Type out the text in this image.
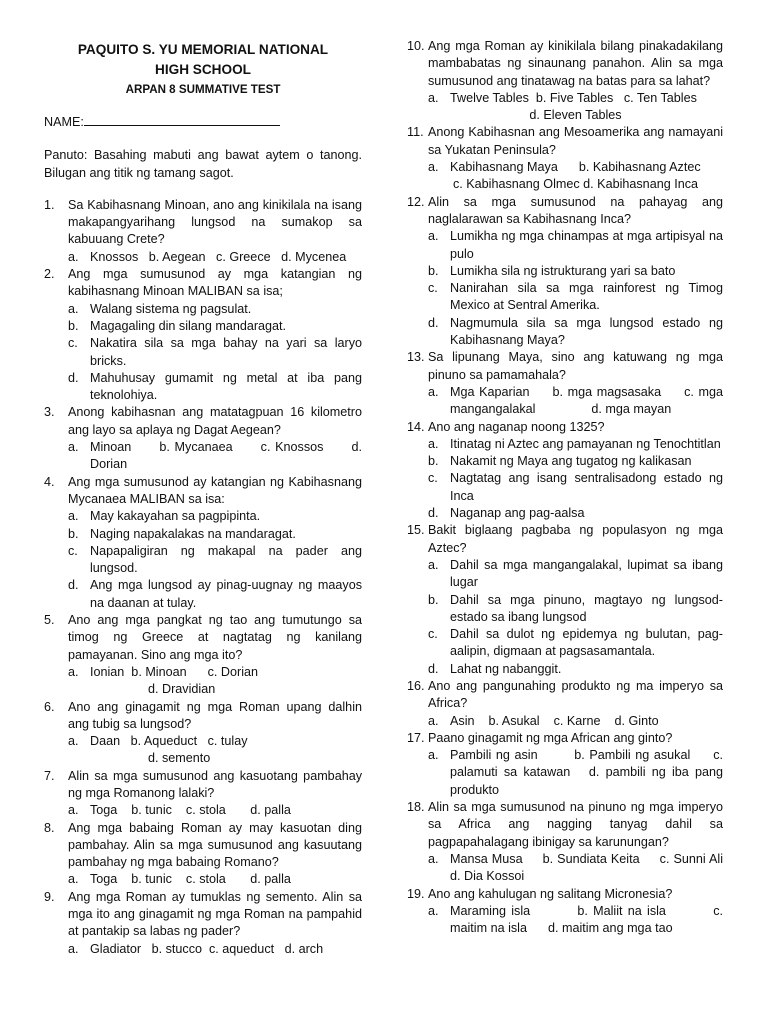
PAQUITO S. YU MEMORIAL NATIONAL
HIGH SCHOOL
ARPAN 8 SUMMATIVE TEST
NAME:
Panuto: Basahing mabuti ang bawat aytem o tanong. Bilugan ang titik ng tamang sagot.
1. Sa Kabihasnang Minoan, ano ang kinikilala na isang makapangyarihang lungsod na sumakop sa kabuuang Crete?
a. Knossos   b. Aegean   c. Greece   d. Mycenea
2. Ang mga sumusunod ay mga katangian ng kabihasnang Minoan MALIBAN sa isa;
a. Walang sistema ng pagsulat.
b. Magagaling din silang mandaragat.
c. Nakatira sila sa mga bahay na yari sa laryo bricks.
d. Mahuhusay gumamit ng metal at iba pang teknolohiya.
3. Anong kabihasnan ang matatagpuan 16 kilometro ang layo sa aplaya ng Dagat Aegean?
a. Minoan      b. Mycanaea      c. Knossos      d. Dorian
4. Ang mga sumusunod ay katangian ng Kabihasnang Mycanaea MALIBAN sa isa:
a. May kakayahan sa pagpipinta.
b. Naging napakalakas na mandaragat.
c. Napapaligiran ng makapal na pader ang lungsod.
d. Ang mga lungsod ay pinag-uugnay ng maayos na daanan at tulay.
5. Ano ang mga pangkat ng tao ang tumutungo sa timog ng Greece at nagtatag ng kanilang pamayanan. Sino ang mga ito?
a. Ionian  b. Minoan      c. Dorian
d. Dravidian
6. Ano ang ginagamit ng mga Roman upang dalhin ang tubig sa lungsod?
a. Daan   b. Aqueduct   c. tulay
d. semento
7. Alin sa mga sumusunod ang kasuotang pambahay ng mga Romanong lalaki?
a. Toga    b. tunic    c. stola       d. palla
8. Ang mga babaing Roman ay may kasuotan ding pambahay. Alin sa mga sumusunod ang kasuutang pambahay ng mga babaing Romano?
a. Toga    b. tunic    c. stola       d. palla
9. Ang mga Roman ay tumuklas ng semento. Alin sa mga ito ang ginagamit ng mga Roman na pampahid at pantakip sa labas ng pader?
a. Gladiator   b. stucco  c. aqueduct   d. arch
10. Ang mga Roman ay kinikilala bilang pinakadakilang mambabatas ng sinaunang panahon. Alin sa mga sumusunod ang tinatawag na batas para sa lahat?
a. Twelve Tables  b. Five Tables   c. Ten Tables
d. Eleven Tables
11. Anong Kabihasnan ang Mesoamerika ang namayani sa Yukatan Peninsula?
a. Kabihasnang Maya      b. Kabihasnang Aztec
c. Kabihasnang Olmec d. Kabihasnang Inca
12. Alin sa mga sumusunod na pahayag ang naglalarawan sa Kabihasnang Inca?
a. Lumikha ng mga chinampas at mga artipisyal na pulo
b. Lumikha sila ng istrukturang yari sa bato
c. Nanirahan sila sa mga rainforest ng Timog Mexico at Sentral Amerika.
d. Nagmumula sila sa mga lungsod estado ng Kabihasnang Maya?
13. Sa lipunang Maya, sino ang katuwang ng mga pinuno sa pamamahala?
a. Mga Kaparian     b. mga magsasaka     c. mga mangangalakal                d. mga mayan
14. Ano ang naganap noong 1325?
a. Itinatag ni Aztec ang pamayanan ng Tenochtitlan
b. Nakamit ng Maya ang tugatog ng kalikasan
c. Nagtatag ang isang sentralisadong estado ng Inca
d. Naganap ang pag-aalsa
15. Bakit biglaang pagbaba ng populasyon ng mga Aztec?
a. Dahil sa mga mangangalakal, lupimat sa ibang lugar
b. Dahil sa mga pinuno, magtayo ng lungsod-estado sa ibang lungsod
c. Dahil sa dulot ng epidemya ng bulutan, pag-aalipin, digmaan at pagsasamantala.
d. Lahat ng nabanggit.
16. Ano ang pangunahing produkto ng ma imperyo sa Africa?
a. Asin    b. Asukal    c. Karne    d. Ginto
17. Paano ginagamit ng mga African ang ginto?
a. Pambili ng asin        b. Pambili ng asukal     c. palamuti sa katawan   d. pambili ng iba pang produkto
18. Alin sa mga sumusunod na pinuno ng mga imperyo sa Africa ang nagging tanyag dahil sa pagpapahalagang ibinigay sa karunungan?
a. Mansa Musa     b. Sundiata Keita     c. Sunni Ali     d. Dia Kossoi
19. Ano ang kahulugan ng salitang Micronesia?
a. Maraming isla         b. Maliit na isla         c. maitim na isla      d. maitim ang mga tao
